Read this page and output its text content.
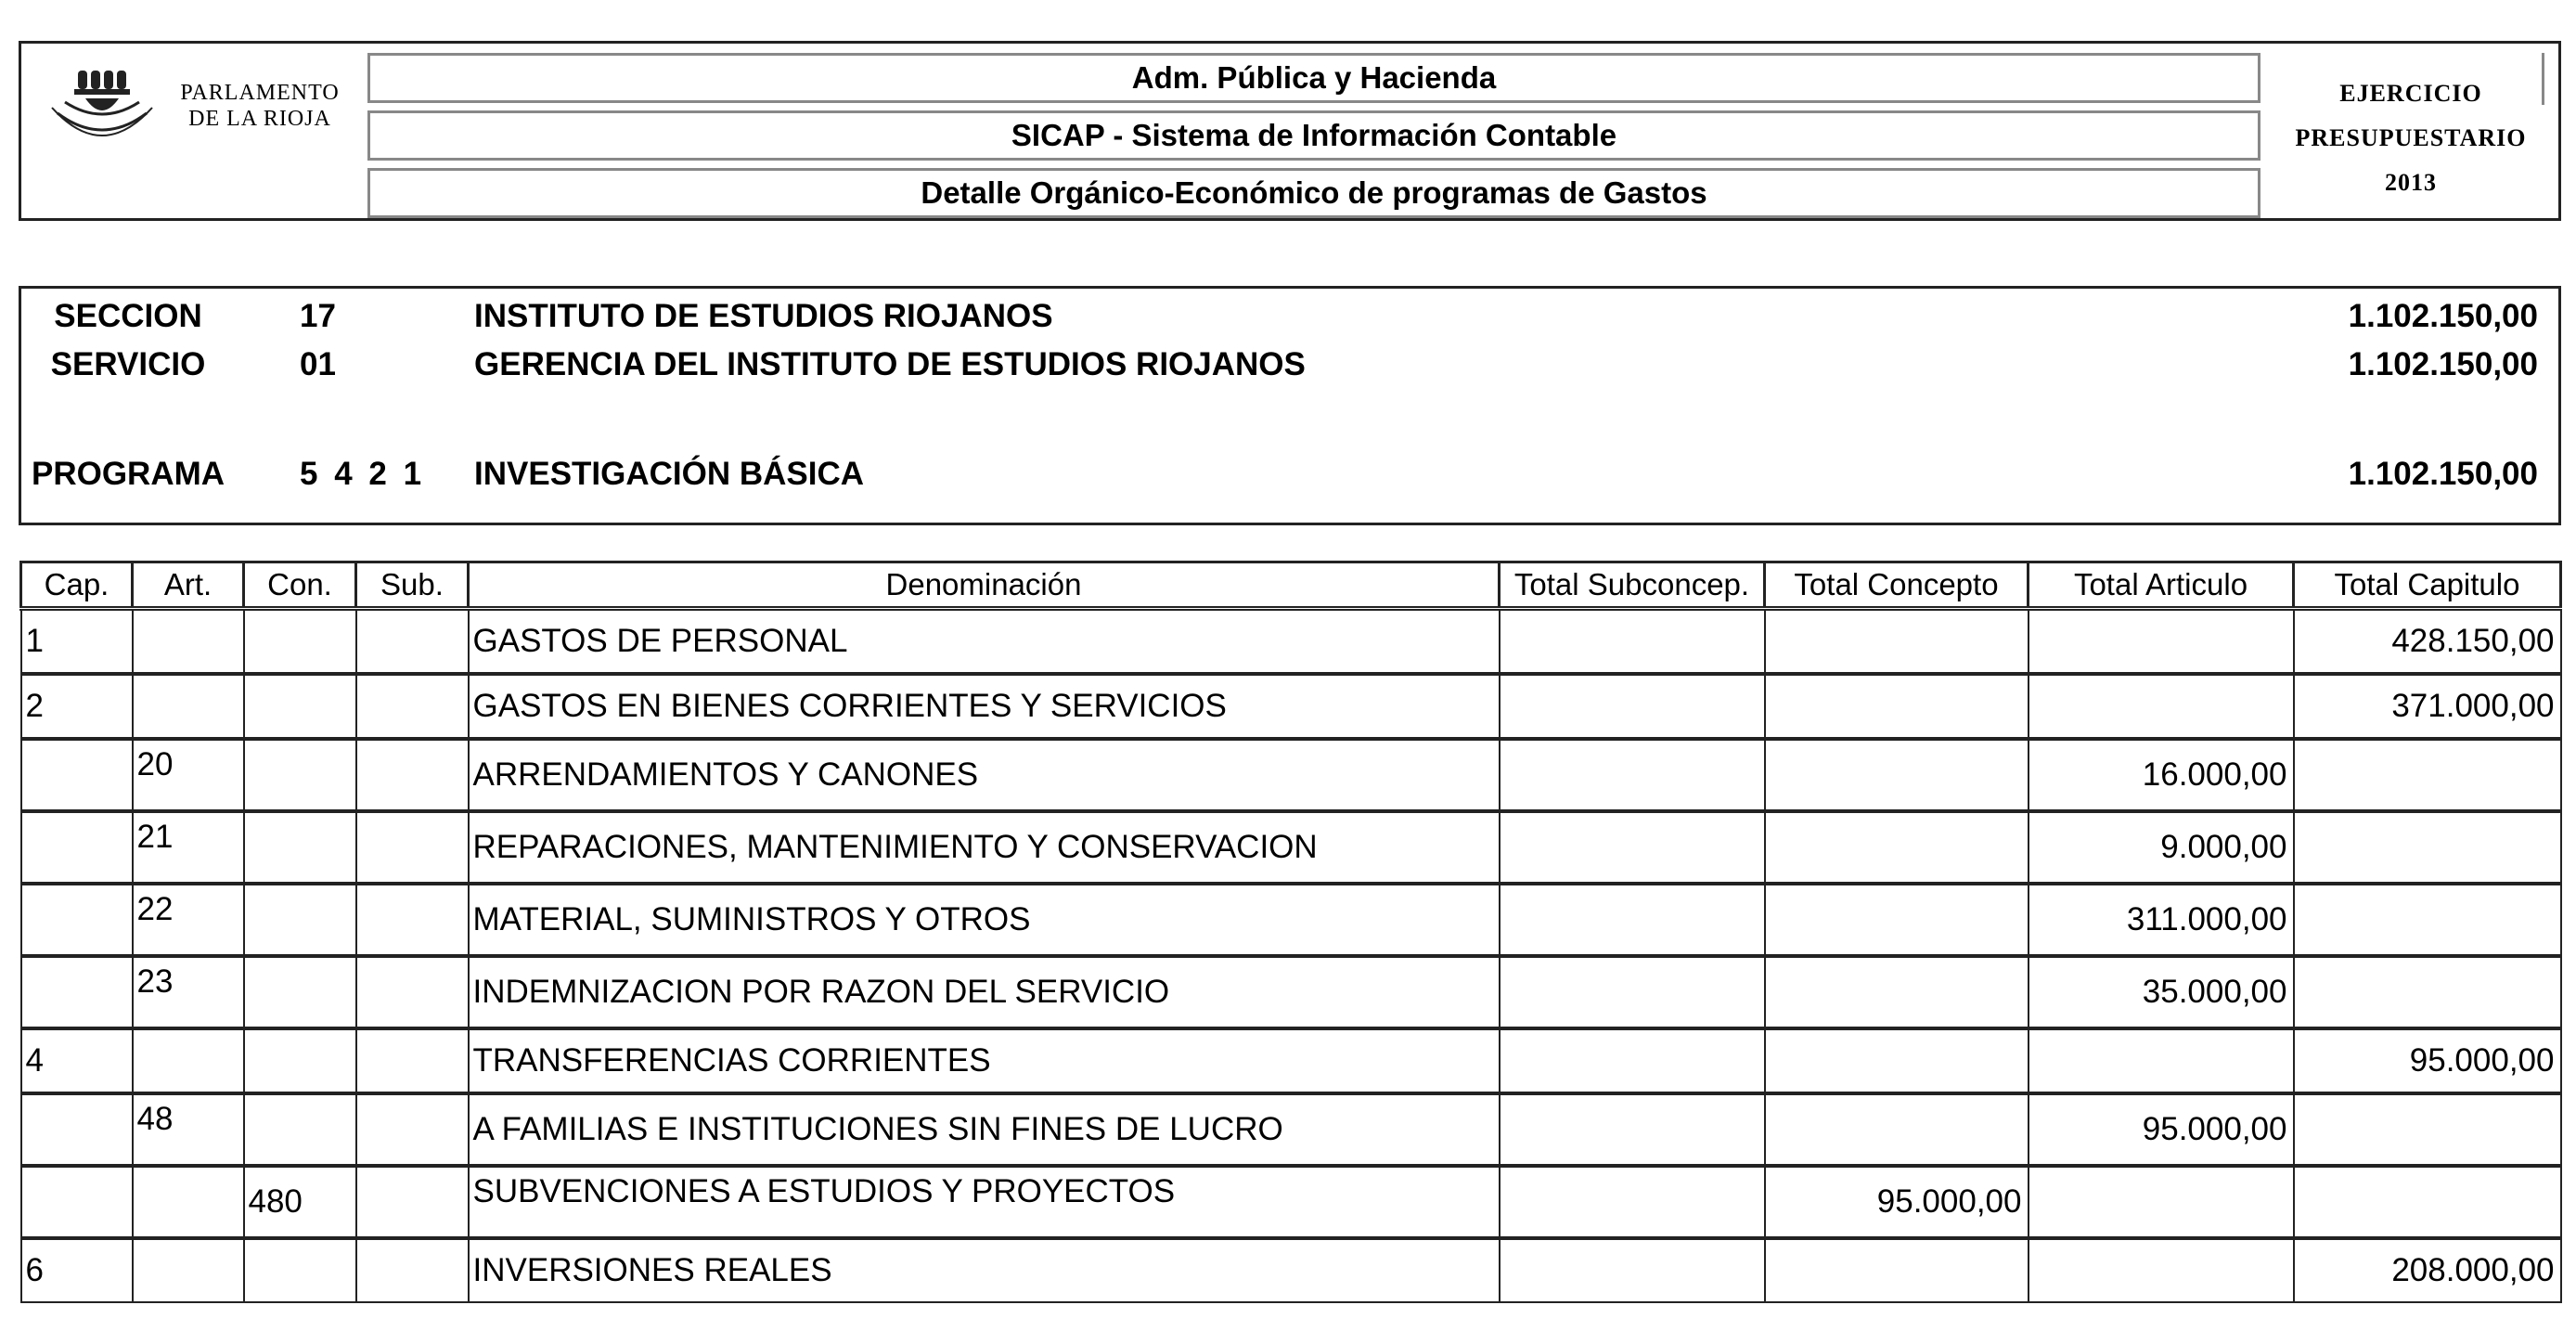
Adm. Pública y Hacienda
SICAP - Sistema de Información Contable
Detalle Orgánico-Económico de programas de Gastos
EJERCICIO
PRESUPUESTARIO
2013
PARLAMENTO
DE LA RIOJA
SECCION	17	INSTITUTO DE ESTUDIOS RIOJANOS	1.102.150,00
SERVICIO	01	GERENCIA DEL INSTITUTO DE ESTUDIOS RIOJANOS	1.102.150,00
PROGRAMA 5 4 2 1 INVESTIGACIÓN BÁSICA	1.102.150,00
Cap.	Art.	Con.	Sub.	Denominación	Total Subconcep.	Total Concepto	Total Articulo	Total Capitulo
1				GASTOS DE PERSONAL				428.150,00
2				GASTOS EN BIENES CORRIENTES Y SERVICIOS				371.000,00
	20			ARRENDAMIENTOS Y CANONES			16.000,00	
	21			REPARACIONES, MANTENIMIENTO Y CONSERVACION			9.000,00	
	22			MATERIAL, SUMINISTROS Y OTROS			311.000,00	
	23			INDEMNIZACION POR RAZON DEL SERVICIO			35.000,00	
4				TRANSFERENCIAS CORRIENTES				95.000,00
	48			A FAMILIAS E INSTITUCIONES SIN FINES DE LUCRO			95.000,00	
		480		SUBVENCIONES A ESTUDIOS Y PROYECTOS		95.000,00		
6				INVERSIONES REALES				208.000,00
